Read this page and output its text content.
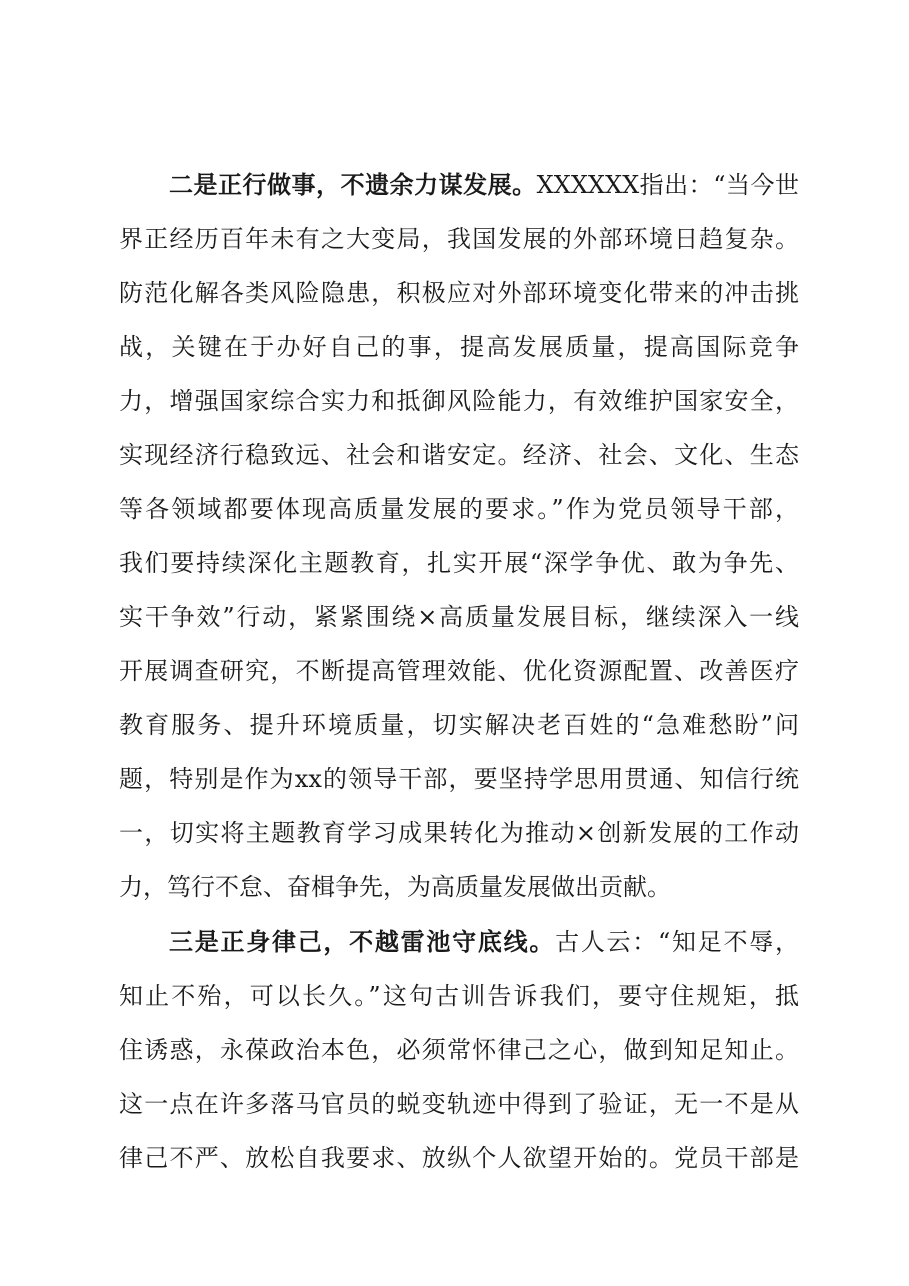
二是正行做事，不遗余力谋发展。XXXXXX指出：“当今世
界正经历百年未有之大变局，我国发展的外部环境日趋复杂。
防范化解各类风险隐患，积极应对外部环境变化带来的冲击挑
战，关键在于办好自己的事，提高发展质量，提高国际竞争
力，增强国家综合实力和抵御风险能力，有效维护国家安全，
实现经济行稳致远、社会和谐安定。经济、社会、文化、生态
等各领域都要体现高质量发展的要求。”作为党员领导干部，
我们要持续深化主题教育，扎实开展“深学争优、敢为争先、
实干争效”行动，紧紧围绕×高质量发展目标，继续深入一线
开展调查研究，不断提高管理效能、优化资源配置、改善医疗
教育服务、提升环境质量，切实解决老百姓的“急难愁盼”问
题，特别是作为xx的领导干部，要坚持学思用贯通、知信行统
一，切实将主题教育学习成果转化为推动×创新发展的工作动
力，笃行不怠、奋楫争先，为高质量发展做出贡献。
三是正身律己，不越雷池守底线。古人云：“知足不辱，
知止不殆，可以长久。”这句古训告诉我们，要守住规矩，抵
住诱惑，永葆政治本色，必须常怀律己之心，做到知足知止。
这一点在许多落马官员的蜕变轨迹中得到了验证，无一不是从
律己不严、放松自我要求、放纵个人欲望开始的。党员干部是
